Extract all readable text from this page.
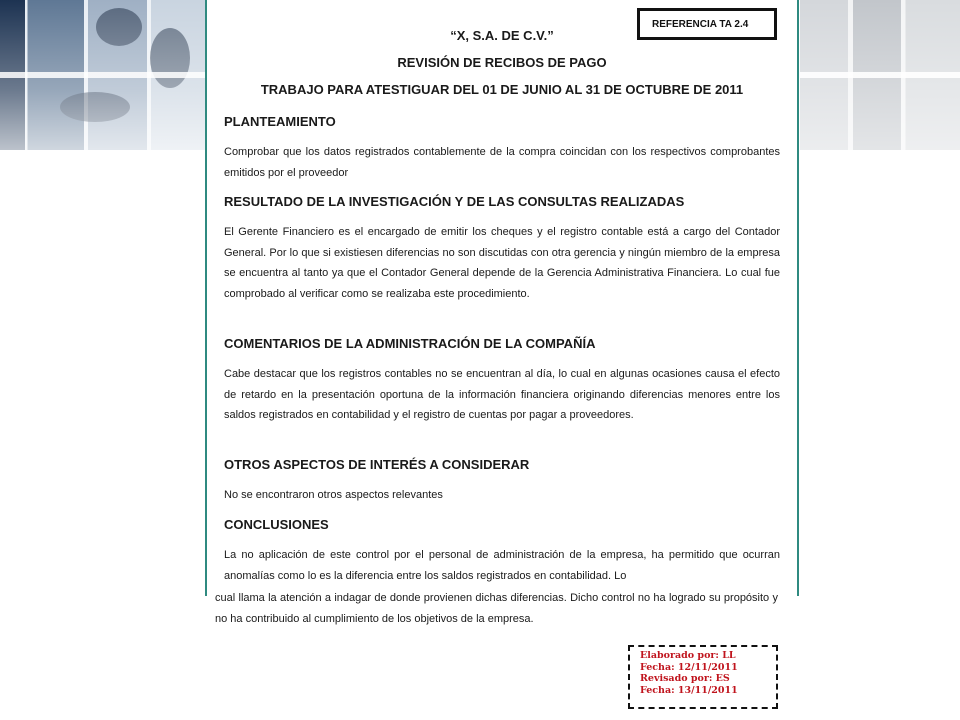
REFERENCIA TA 2.4
“X, S.A. DE C.V.”
REVISIÓN DE RECIBOS DE PAGO
TRABAJO PARA ATESTIGUAR DEL 01 DE JUNIO AL 31 DE OCTUBRE DE 2011
PLANTEAMIENTO

Comprobar que los datos registrados contablemente de la compra coincidan con los respectivos comprobantes emitidos por el proveedor

RESULTADO DE LA INVESTIGACIÓN Y DE LAS CONSULTAS REALIZADAS

El Gerente Financiero es el encargado de emitir los cheques y el registro contable está a cargo del Contador General. Por lo que si existiesen diferencias no son discutidas con otra gerencia y ningún miembro de la empresa se encuentra al tanto ya que el Contador General depende de la Gerencia Administrativa Financiera. Lo cual fue comprobado al verificar como se realizaba este procedimiento.

COMENTARIOS DE LA ADMINISTRACIÓN DE LA COMPAÑÍA

Cabe destacar que los registros contables no se encuentran al día, lo cual en algunas ocasiones causa el efecto de retardo en la presentación oportuna de la información financiera originando diferencias menores entre los saldos registrados en contabilidad y el registro de cuentas por pagar a proveedores.

OTROS ASPECTOS DE INTERÉS A CONSIDERAR

No se encontraron otros aspectos relevantes

CONCLUSIONES

La no aplicación de este control por el personal de administración de la empresa, ha permitido que ocurran anomalías como lo es la diferencia entre los saldos registrados en contabilidad. Lo

cual llama la atención a indagar de donde provienen dichas diferencias. Dicho control no ha logrado su propósito y no ha contribuido al cumplimiento de los objetivos de la empresa.

Elaborado por: LL
Fecha: 12/11/2011
Revisado por: ES
Fecha: 13/11/2011
